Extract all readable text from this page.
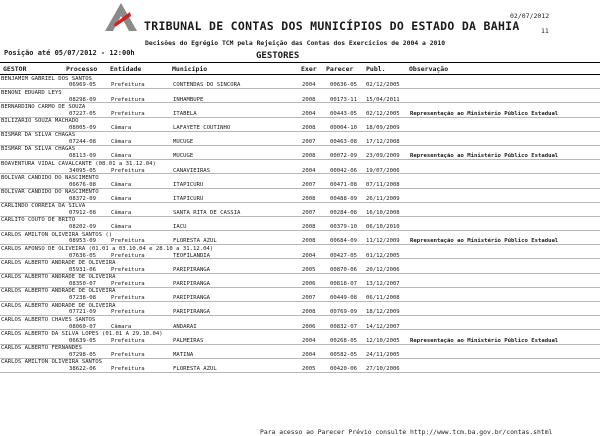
02/07/2012
11
TRIBUNAL DE CONTAS DOS MUNICÍPIOS DO ESTADO DA BAHIA
Decisões do Egrégio TCM pela Rejeição das Contas dos Exercícios de 2004 a 2010
Posição até 05/07/2012 - 12:00h	GESTORES
GESTOR	Processo Entidade	Município	Exer Parecer Publ.	Observação
BENJAMIM GABRIEL DOS SANTOS
06969-05	Prefeitura	CONTENDAS DO SINCORA	2004	00636-05 02/12/2005
BENONI EDUARD LEYS
08298-09	Prefeitura	INHAMBUPE	2008	00173-11 15/04/2011
BERNARDINO CARMO DE SOUZA
07227-05	Prefeitura	ITABELA	2004	00443-05 02/12/2005 Representação ao Ministério Público Estadual
BILIZARIO SOUZA MACHADO
08005-09	Câmara	LAFAYETE COUTINHO	2008	00004-10 18/09/2009
BISMAR DA SILVA CHAGAS
07244-08	Câmara	MUCUGE	2007	00463-08 17/12/2008
BISMAR DA SILVA CHAGAS
08113-09	Câmara	MUCUGE	2008	00072-09 23/09/2009 Representação ao Ministério Público Estadual
BOAVENTURA VIDAL CAVALCANTE (08.01 a 31.12.04)
34095-05	Prefeitura	CANAVIEIRAS	2004	00042-06 19/07/2006
BOLIVAR CANDIDO DO NASCIMENTO
06676-08	Câmara	ITAPICURU	2007	00471-08 07/11/2008
BOLIVAR CANDIDO DO NASCIMENTO
08372-09	Câmara	ITAPICURU	2008	00488-09 26/11/2009
CARLINDO CORREIA DA SILVA
07912-08	Câmara	SANTA RITA DE CASSIA	2007	00284-08 16/10/2008
CARLITO COUTO DE BRITO
08202-09	Câmara	IACU	2008	00379-10 06/10/2010
CARLOS AMILTON OLIVEIRA SANTOS ()
08953-09	Prefeitura	FLORESTA AZUL	2008	00684-09 11/12/2009 Representação ao Ministério Público Estadual
CARLOS AFONSO DE OLIVEIRA (01.01 a 03.10.04 e 28.10 a 31.12.04)
07636-05	Prefeitura	TEOFILANDIA	2004	00427-05 01/12/2005
CARLOS ALBERTO ANDRADE DE OLIVEIRA
05931-06	Prefeitura	PARIPIRANGA	2005	00870-06 20/12/2006
CARLOS ALBERTO ANDRADE DE OLIVEIRA
08350-07	Prefeitura	PARIPIRANGA	2006	00818-07 13/12/2007
CARLOS ALBERTO ANDRADE DE OLIVEIRA
07238-08	Prefeitura	PARIPIRANGA	2007	00449-08 06/11/2008
CARLOS ALBERTO ANDRADE DE OLIVEIRA
07721-09	Prefeitura	PARIPIRANGA	2008	00769-09 18/12/2009
CARLOS ALBERTO CHAVES SANTOS
08060-07	Câmara	ANDARAI	2006	00832-07 14/12/2007
CARLOS ALBERTO DA SILVA LOPES (01.01 A 29.10.04)
06639-05	Prefeitura	PALMEIRAS	2004	00268-05 12/10/2005 Representação ao Ministério Público Estadual
CARLOS ALBERTO FERNANDES
07298-05	Prefeitura	MATINA	2004	00582-05 24/11/2005
CARLOS AMILTON OLIVEIRA SANTOS
38622-06	Prefeitura	FLORESTA AZUL	2005	00420-06 27/10/2006
Para acesso ao Parecer Prévio consulte http://www.tcm.ba.gov.br/contas.shtml
